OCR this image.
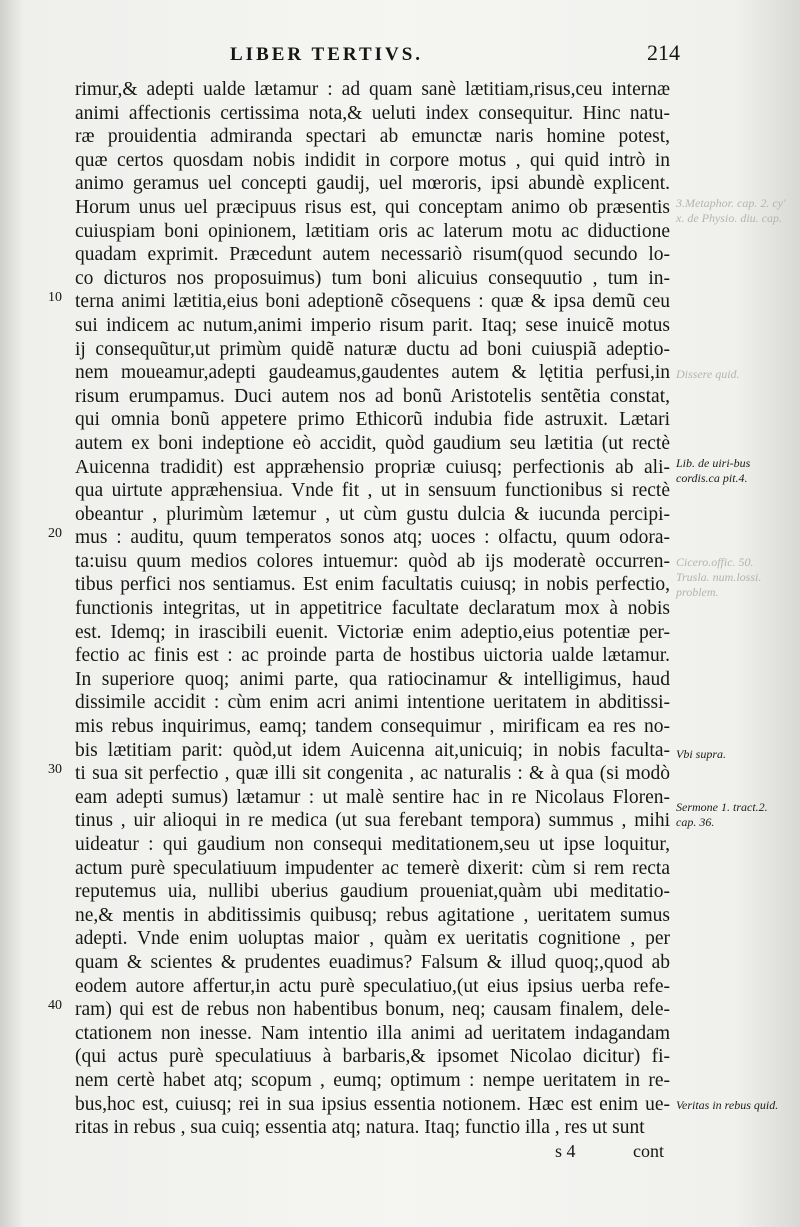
LIBER TERTIVS.	214
rimur,& adepti ualde lætamur : ad quam sanè lætitiam,risus,ceu internæ
animi affectionis certissima nota,& ueluti index consequitur. Hinc natu-
ræ prouidentia admiranda spectari ab emunctæ naris homine potest,
quæ certos quosdam nobis indidit in corpore motus , qui quid intrò in
animo geramus uel concepti gaudij, uel mœroris, ipsi abundè explicent.
Horum unus uel præcipuus risus est, qui conceptam animo ob præsentis
cuiuspiam boni opinionem, lætitiam oris ac laterum motu ac diductione
quadam exprimit. Præcedunt autem necessariò risum(quod secundo lo-
co dicturos nos proposuimus) tum boni alicuius consequutio , tum in-
terna animi lætitia,eius boni adeptionẽ cõsequens : quæ & ipsa demũ ceu
sui indicem ac nutum,animi imperio risum parit. Itaq; sese inuicẽ motus
ij consequũtur,ut primùm quidẽ naturæ ductu ad boni cuiuspiã adeptio-
nem moueamur,adepti gaudeamus,gaudentes autem & lętitia perfusi,in
risum erumpamus. Duci autem nos ad bonũ Aristotelis sentẽtia constat,
qui omnia bonũ appetere primo Ethicorũ indubia fide astruxit. Lætari
autem ex boni indeptione eò accidit, quòd gaudium seu lætitia (ut rectè
Auicenna tradidit) est appræhensio propriæ cuiusq; perfectionis ab ali-
qua uirtute appræhensiua. Vnde fit , ut in sensuum functionibus si rectè
obeantur , plurimùm lætemur , ut cùm gustu dulcia & iucunda percipi-
mus : auditu, quum temperatos sonos atq; uoces : olfactu, quum odora-
ta:uisu quum medios colores intuemur: quòd ab ijs moderatè occurren-
tibus perfici nos sentiamus. Est enim facultatis cuiusq; in nobis perfectio,
functionis integritas, ut in appetitrice facultate declaratum mox à nobis
est. Idemq; in irascibili euenit. Victoriæ enim adeptio,eius potentiæ per-
fectio ac finis est : ac proinde parta de hostibus uictoria ualde lætamur.
In superiore quoq; animi parte, qua ratiocinamur & intelligimus, haud
dissimile accidit : cùm enim acri animi intentione ueritatem in abditissi-
mis rebus inquirimus, eamq; tandem consequimur , mirificam ea res no-
bis lætitiam parit: quòd,ut idem Auicenna ait,unicuiq; in nobis faculta-
ti sua sit perfectio , quæ illi sit congenita , ac naturalis : & à qua (si modò
eam adepti sumus) lætamur : ut malè sentire hac in re Nicolaus Floren-
tinus , uir alioqui in re medica (ut sua ferebant tempora) summus , mihi
uideatur : qui gaudium non consequi meditationem,seu ut ipse loquitur,
actum purè speculatiuum impudenter ac temerè dixerit: cùm si rem recta
reputemus uia, nullibi uberius gaudium proueniat,quàm ubi meditatio-
ne,& mentis in abditissimis quibusq; rebus agitatione , ueritatem sumus
adepti. Vnde enim uoluptas maior , quàm ex ueritatis cognitione , per
quam & scientes & prudentes euadimus? Falsum & illud quoq;,quod ab
eodem autore affertur,in actu purè speculatiuo,(ut eius ipsius uerba refe-
ram) qui est de rebus non habentibus bonum, neq; causam finalem, dele-
ctationem non inesse. Nam intentio illa animi ad ueritatem indagandam
(qui actus purè speculatiuus à barbaris,& ipsomet Nicolao dicitur) fi-
nem certè habet atq; scopum , eumq; optimum : nempe ueritatem in re-
bus,hoc est, cuiusq; rei in sua ipsius essentia notionem. Hæc est enim ue-
ritas in rebus , sua cuiq; essentia atq; natura. Itaq; functio illa , res ut sunt
10
20
30
40
3.Metaphor. cap. 2. cy' x. de Physio. diu. cap.
Dissere quid.
Lib. de uiri-bus cordis.ca pit.4.
Cicero.offic. 50. Trusla. num.lossi. problem.
Vbi supra.
Sermone 1. tract.2. cap. 36.
Veritas in rebus quid.
s 4	cont
